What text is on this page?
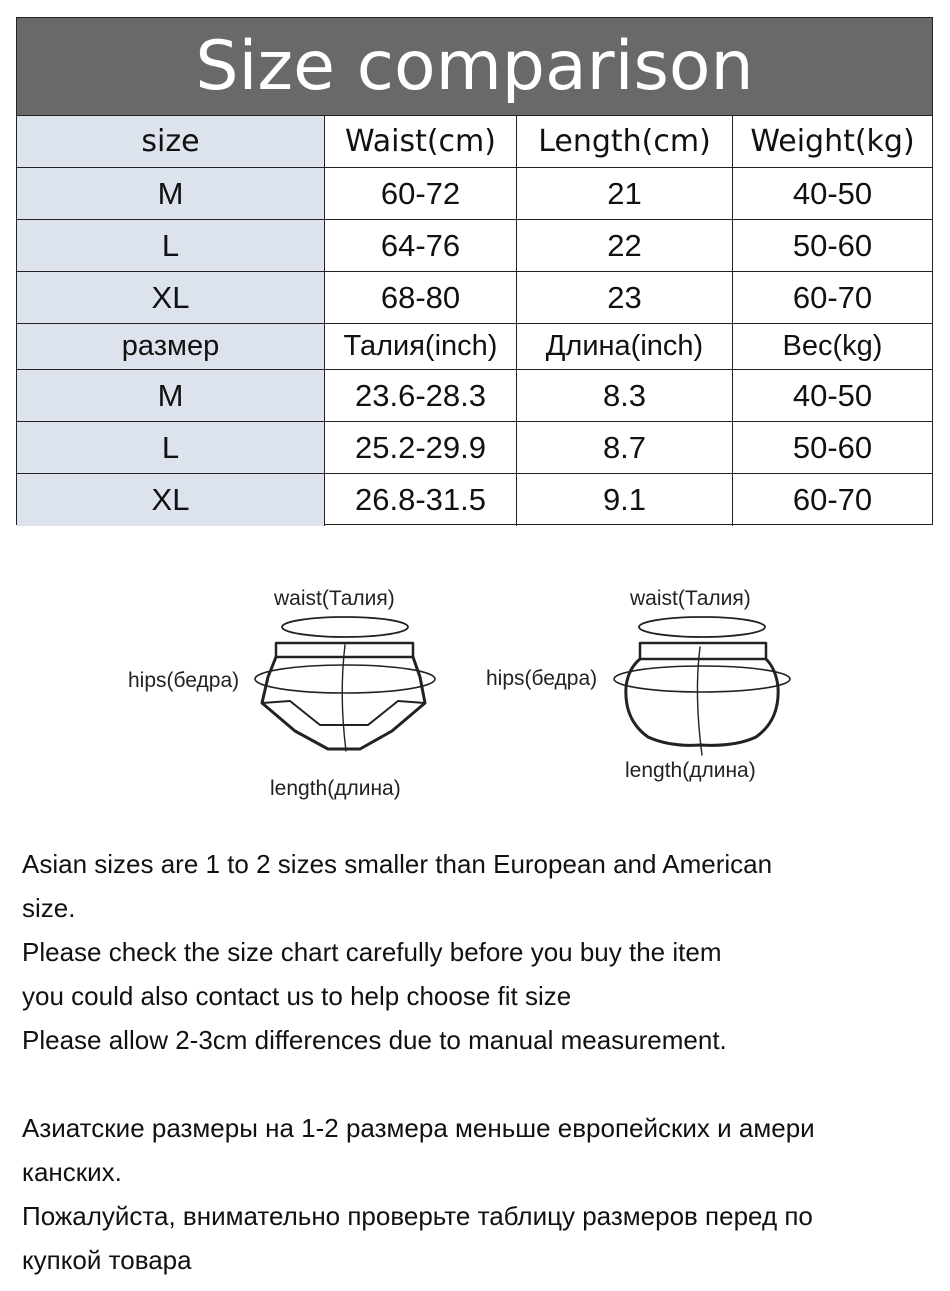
Size comparison
size	Waist(cm)	Length(cm)	Weight(kg)
M	60-72	21	40-50
L	64-76	22	50-60
XL	68-80	23	60-70
размер	Талия(inch)	Длина(inch)	Bec(kg)
M	23.6-28.3	8.3	40-50
L	25.2-29.9	8.7	50-60
XL	26.8-31.5	9.1	60-70
waist(Талия)
hips(бедра)
length(длина)
waist(Талия)
hips(бедра)
length(длина)

Asian sizes are 1 to 2 sizes smaller than European and American

size.

Please check the size chart carefully before you buy the item

you could also contact us to help choose fit size

Please allow 2-3cm differences due to manual measurement.

Азиатские размеры на 1-2 размера меньше европейских и амери

канских.

Пожалуйста, внимательно проверьте таблицу размеров перед по

купкой товара
